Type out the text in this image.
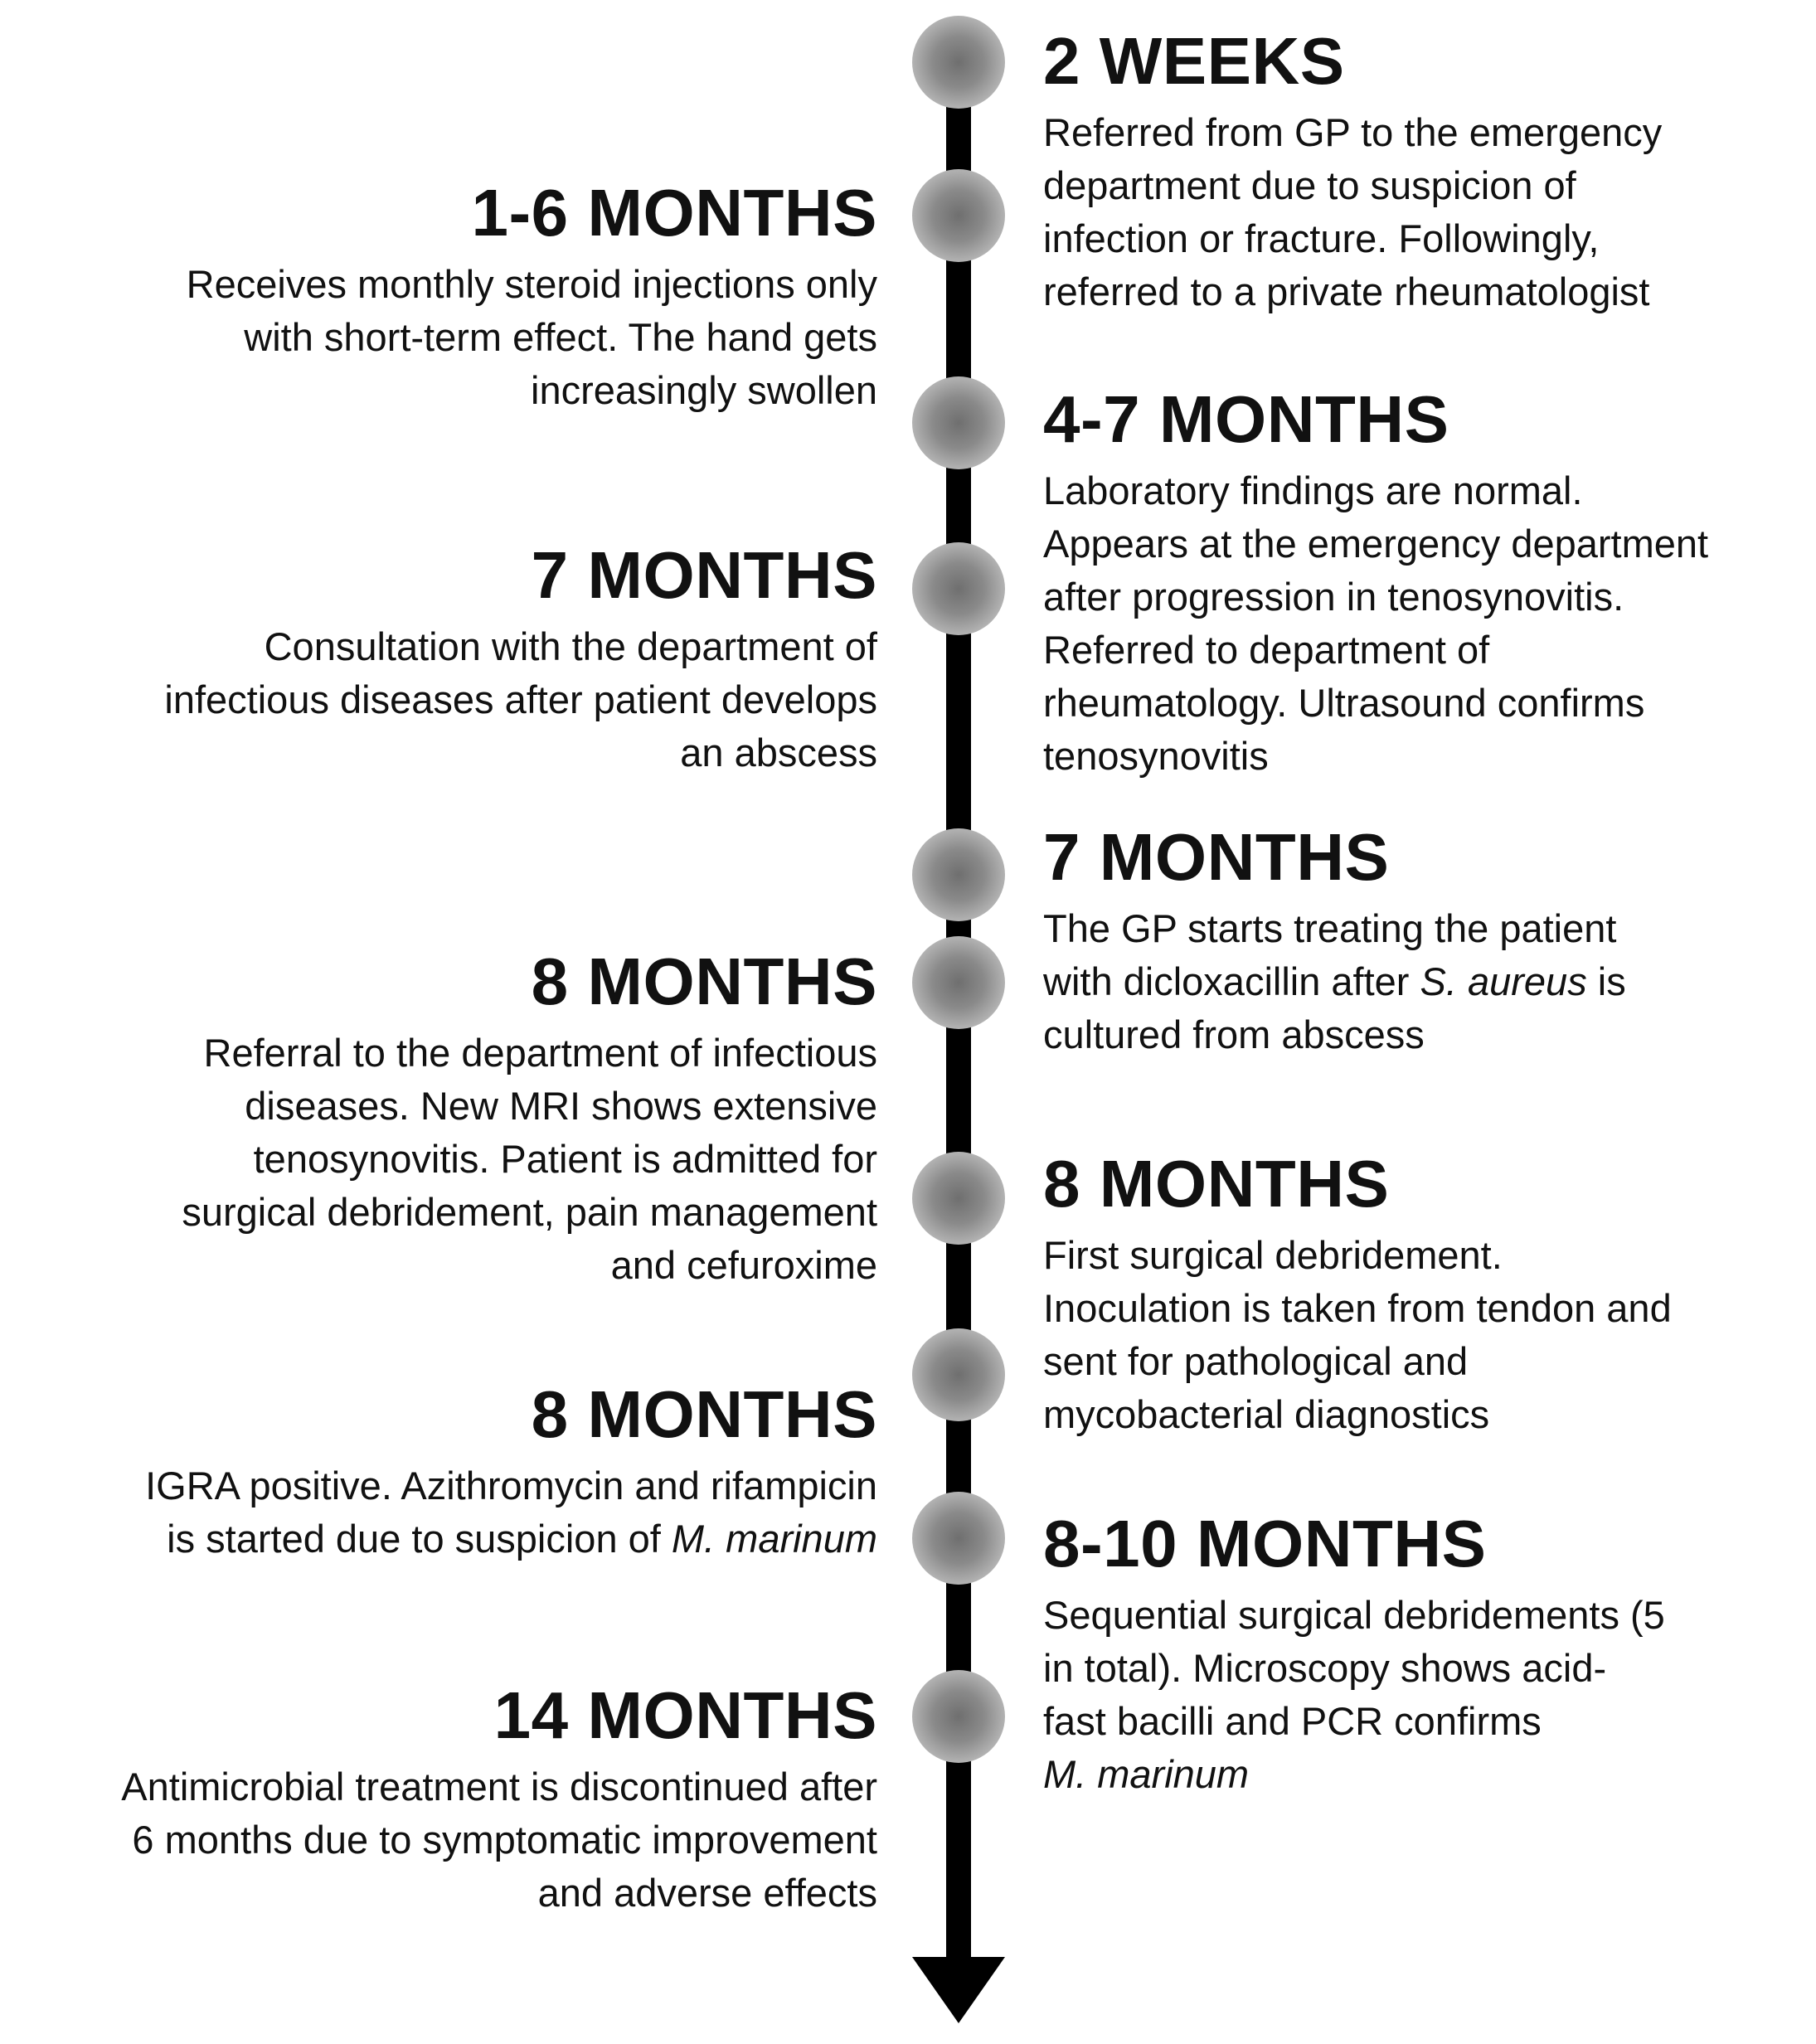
1-6 MONTHS
Receives monthly steroid injections only
with short-term effect. The hand gets
increasingly swollen
7 MONTHS
Consultation with the department of
infectious diseases after patient develops
an abscess
8 MONTHS
Referral to the department of infectious
diseases. New MRI shows extensive
tenosynovitis. Patient is admitted for
surgical debridement, pain management
and cefuroxime
8 MONTHS
IGRA positive. Azithromycin and rifampicin
is started due to suspicion of M. marinum
14 MONTHS
Antimicrobial treatment is discontinued after
6 months due to symptomatic improvement
and adverse effects
2 WEEKS
Referred from GP to the emergency
department due to suspicion of
infection or fracture. Followingly,
referred to a private rheumatologist
4-7 MONTHS
Laboratory findings are normal.
Appears at the emergency department
after progression in tenosynovitis.
Referred to department of
rheumatology. Ultrasound confirms
tenosynovitis
7 MONTHS
The GP starts treating the patient
with dicloxacillin after S. aureus is
cultured from abscess
8 MONTHS
First surgical debridement.
Inoculation is taken from tendon and
sent for pathological and
mycobacterial diagnostics
8-10 MONTHS
Sequential surgical debridements (5
in total). Microscopy shows acid-
fast bacilli and PCR confirms
M. marinum
